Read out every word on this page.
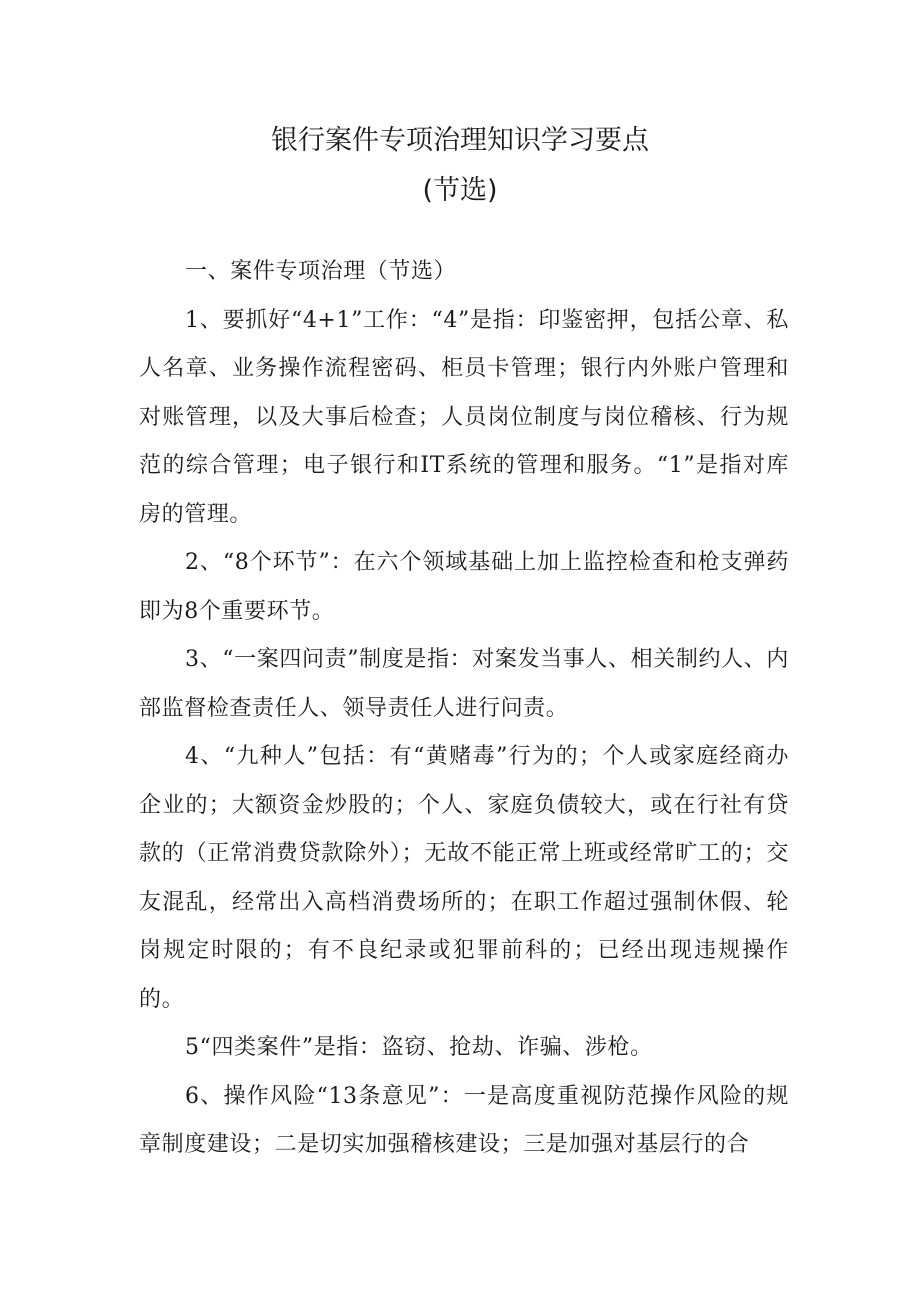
银行案件专项治理知识学习要点
(节选)

一、案件专项治理（节选）

1、要抓好“4+1”工作：“4”是指：印鉴密押，包括公章、私人名章、业务操作流程密码、柜员卡管理；银行内外账户管理和对账管理，以及大事后检查；人员岗位制度与岗位稽核、行为规范的综合管理；电子银行和IT系统的管理和服务。“1”是指对库房的管理。

2、“8个环节”：在六个领域基础上加上监控检查和枪支弹药即为8个重要环节。

3、“一案四问责”制度是指：对案发当事人、相关制约人、内部监督检查责任人、领导责任人进行问责。

4、“九种人”包括：有“黄赌毒”行为的；个人或家庭经商办企业的；大额资金炒股的；个人、家庭负债较大，或在行社有贷款的（正常消费贷款除外）；无故不能正常上班或经常旷工的；交友混乱，经常出入高档消费场所的；在职工作超过强制休假、轮岗规定时限的；有不良纪录或犯罪前科的；已经出现违规操作的。

5“四类案件”是指：盗窃、抢劫、诈骗、涉枪。

6、操作风险“13条意见”：一是高度重视防范操作风险的规章制度建设；二是切实加强稽核建设；三是加强对基层行的合
